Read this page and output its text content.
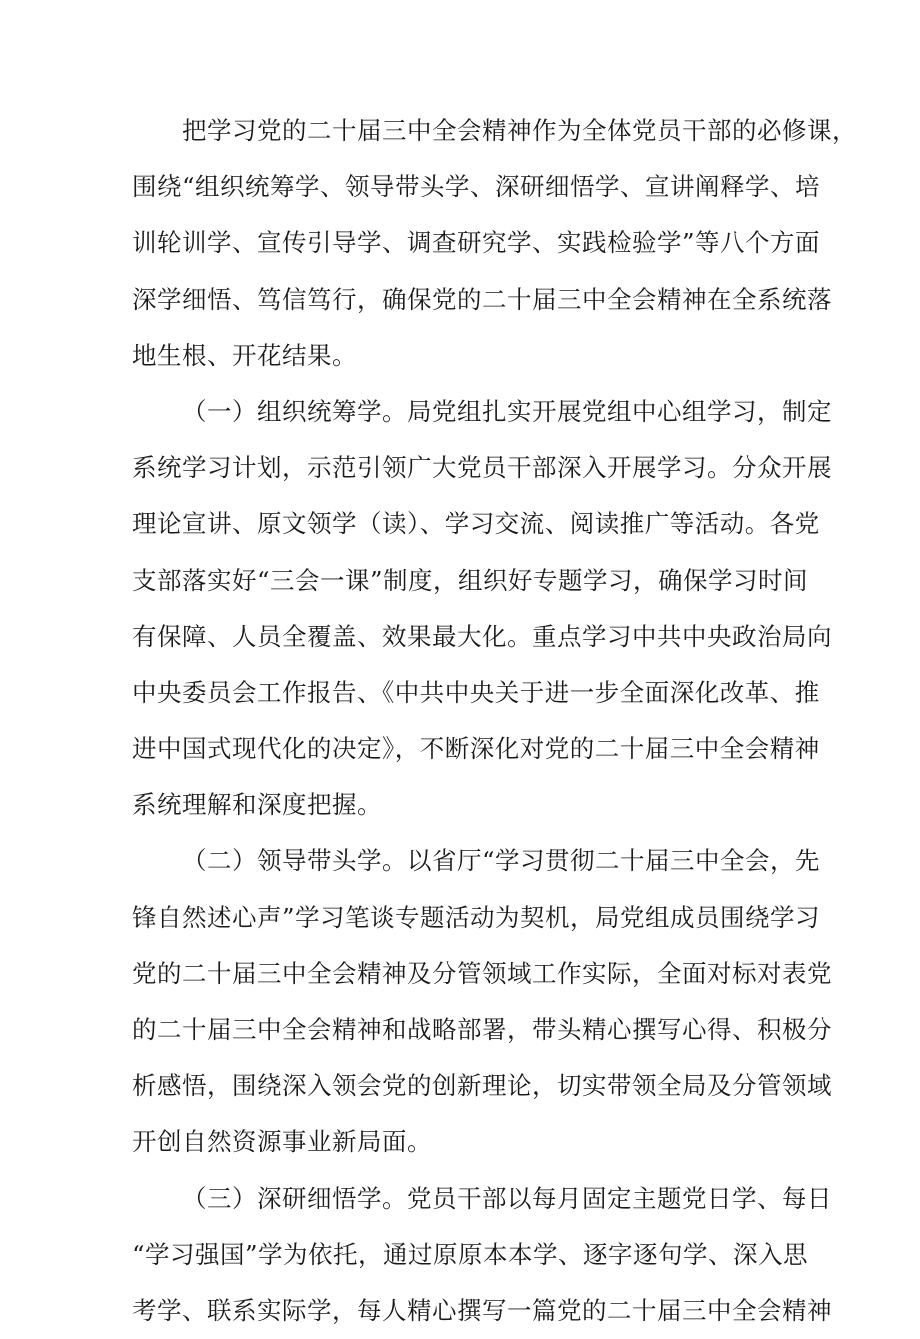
把学习党的二十届三中全会精神作为全体党员干部的必修课，
围绕“组织统筹学、领导带头学、深研细悟学、宣讲阐释学、培
训轮训学、宣传引导学、调查研究学、实践检验学”等八个方面
深学细悟、笃信笃行，确保党的二十届三中全会精神在全系统落
地生根、开花结果。
（一）组织统筹学。局党组扎实开展党组中心组学习，制定
系统学习计划，示范引领广大党员干部深入开展学习。分众开展
理论宣讲、原文领学（读）、学习交流、阅读推广等活动。各党
支部落实好“三会一课”制度，组织好专题学习，确保学习时间
有保障、人员全覆盖、效果最大化。重点学习中共中央政治局向
中央委员会工作报告、《中共中央关于进一步全面深化改革、推
进中国式现代化的决定》，不断深化对党的二十届三中全会精神
系统理解和深度把握。
（二）领导带头学。以省厅“学习贯彻二十届三中全会，先
锋自然述心声”学习笔谈专题活动为契机，局党组成员围绕学习
党的二十届三中全会精神及分管领域工作实际，全面对标对表党
的二十届三中全会精神和战略部署，带头精心撰写心得、积极分
析感悟，围绕深入领会党的创新理论，切实带领全局及分管领域
开创自然资源事业新局面。
（三）深研细悟学。党员干部以每月固定主题党日学、每日
“学习强国”学为依托，通过原原本本学、逐字逐句学、深入思
考学、联系实际学，每人精心撰写一篇党的二十届三中全会精神
